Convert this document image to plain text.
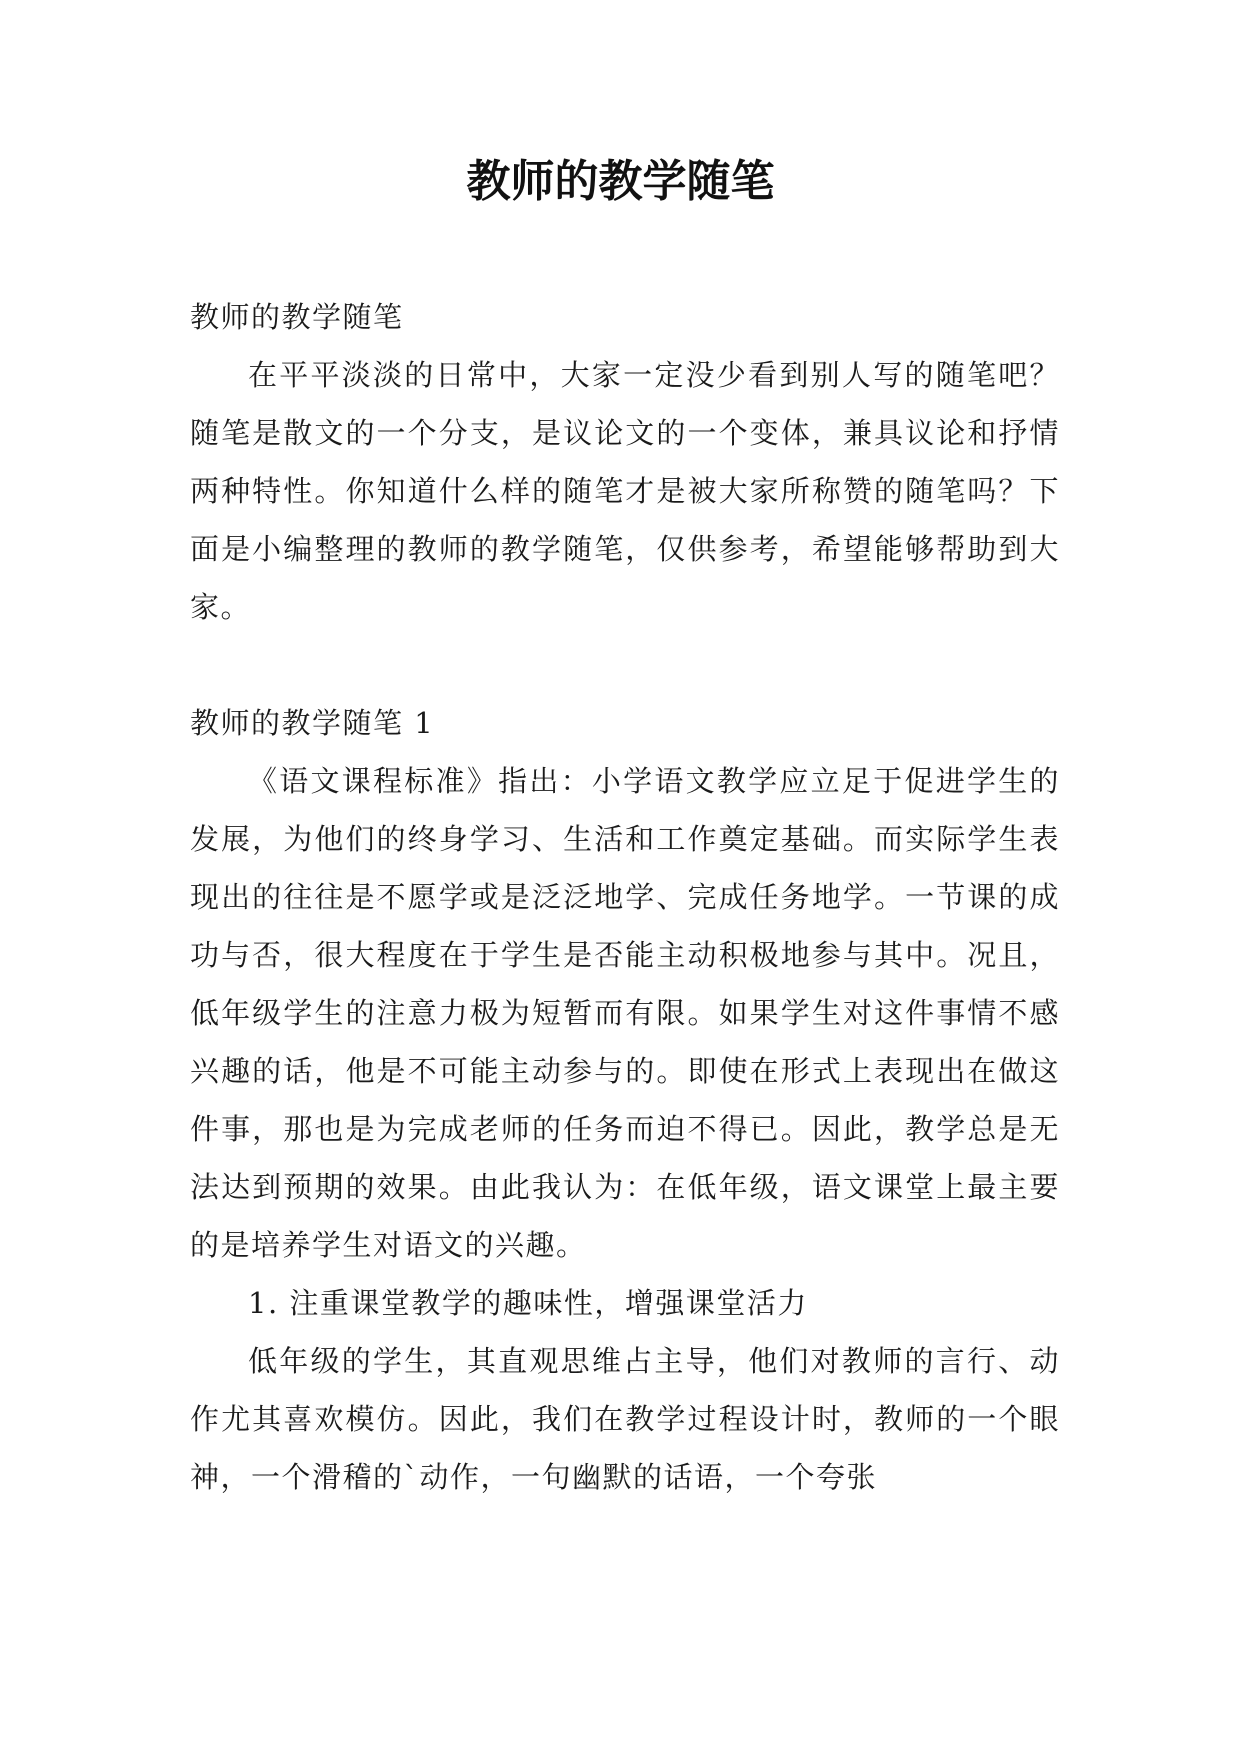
教师的教学随笔

教师的教学随笔

在平平淡淡的日常中，大家一定没少看到别人写的随笔吧？随笔是散文的一个分支，是议论文的一个变体，兼具议论和抒情两种特性。你知道什么样的随笔才是被大家所称赞的随笔吗？下面是小编整理的教师的教学随笔，仅供参考，希望能够帮助到大家。

教师的教学随笔 1

《语文课程标准》指出：小学语文教学应立足于促进学生的发展，为他们的终身学习、生活和工作奠定基础。而实际学生表现出的往往是不愿学或是泛泛地学、完成任务地学。一节课的成功与否，很大程度在于学生是否能主动积极地参与其中。况且，低年级学生的注意力极为短暂而有限。如果学生对这件事情不感兴趣的话，他是不可能主动参与的。即使在形式上表现出在做这件事，那也是为完成老师的任务而迫不得已。因此，教学总是无法达到预期的效果。由此我认为：在低年级，语文课堂上最主要的是培养学生对语文的兴趣。

1. 注重课堂教学的趣味性，增强课堂活力

低年级的学生，其直观思维占主导，他们对教师的言行、动作尤其喜欢模仿。因此，我们在教学过程设计时，教师的一个眼神，一个滑稽的`动作，一句幽默的话语，一个夸张
